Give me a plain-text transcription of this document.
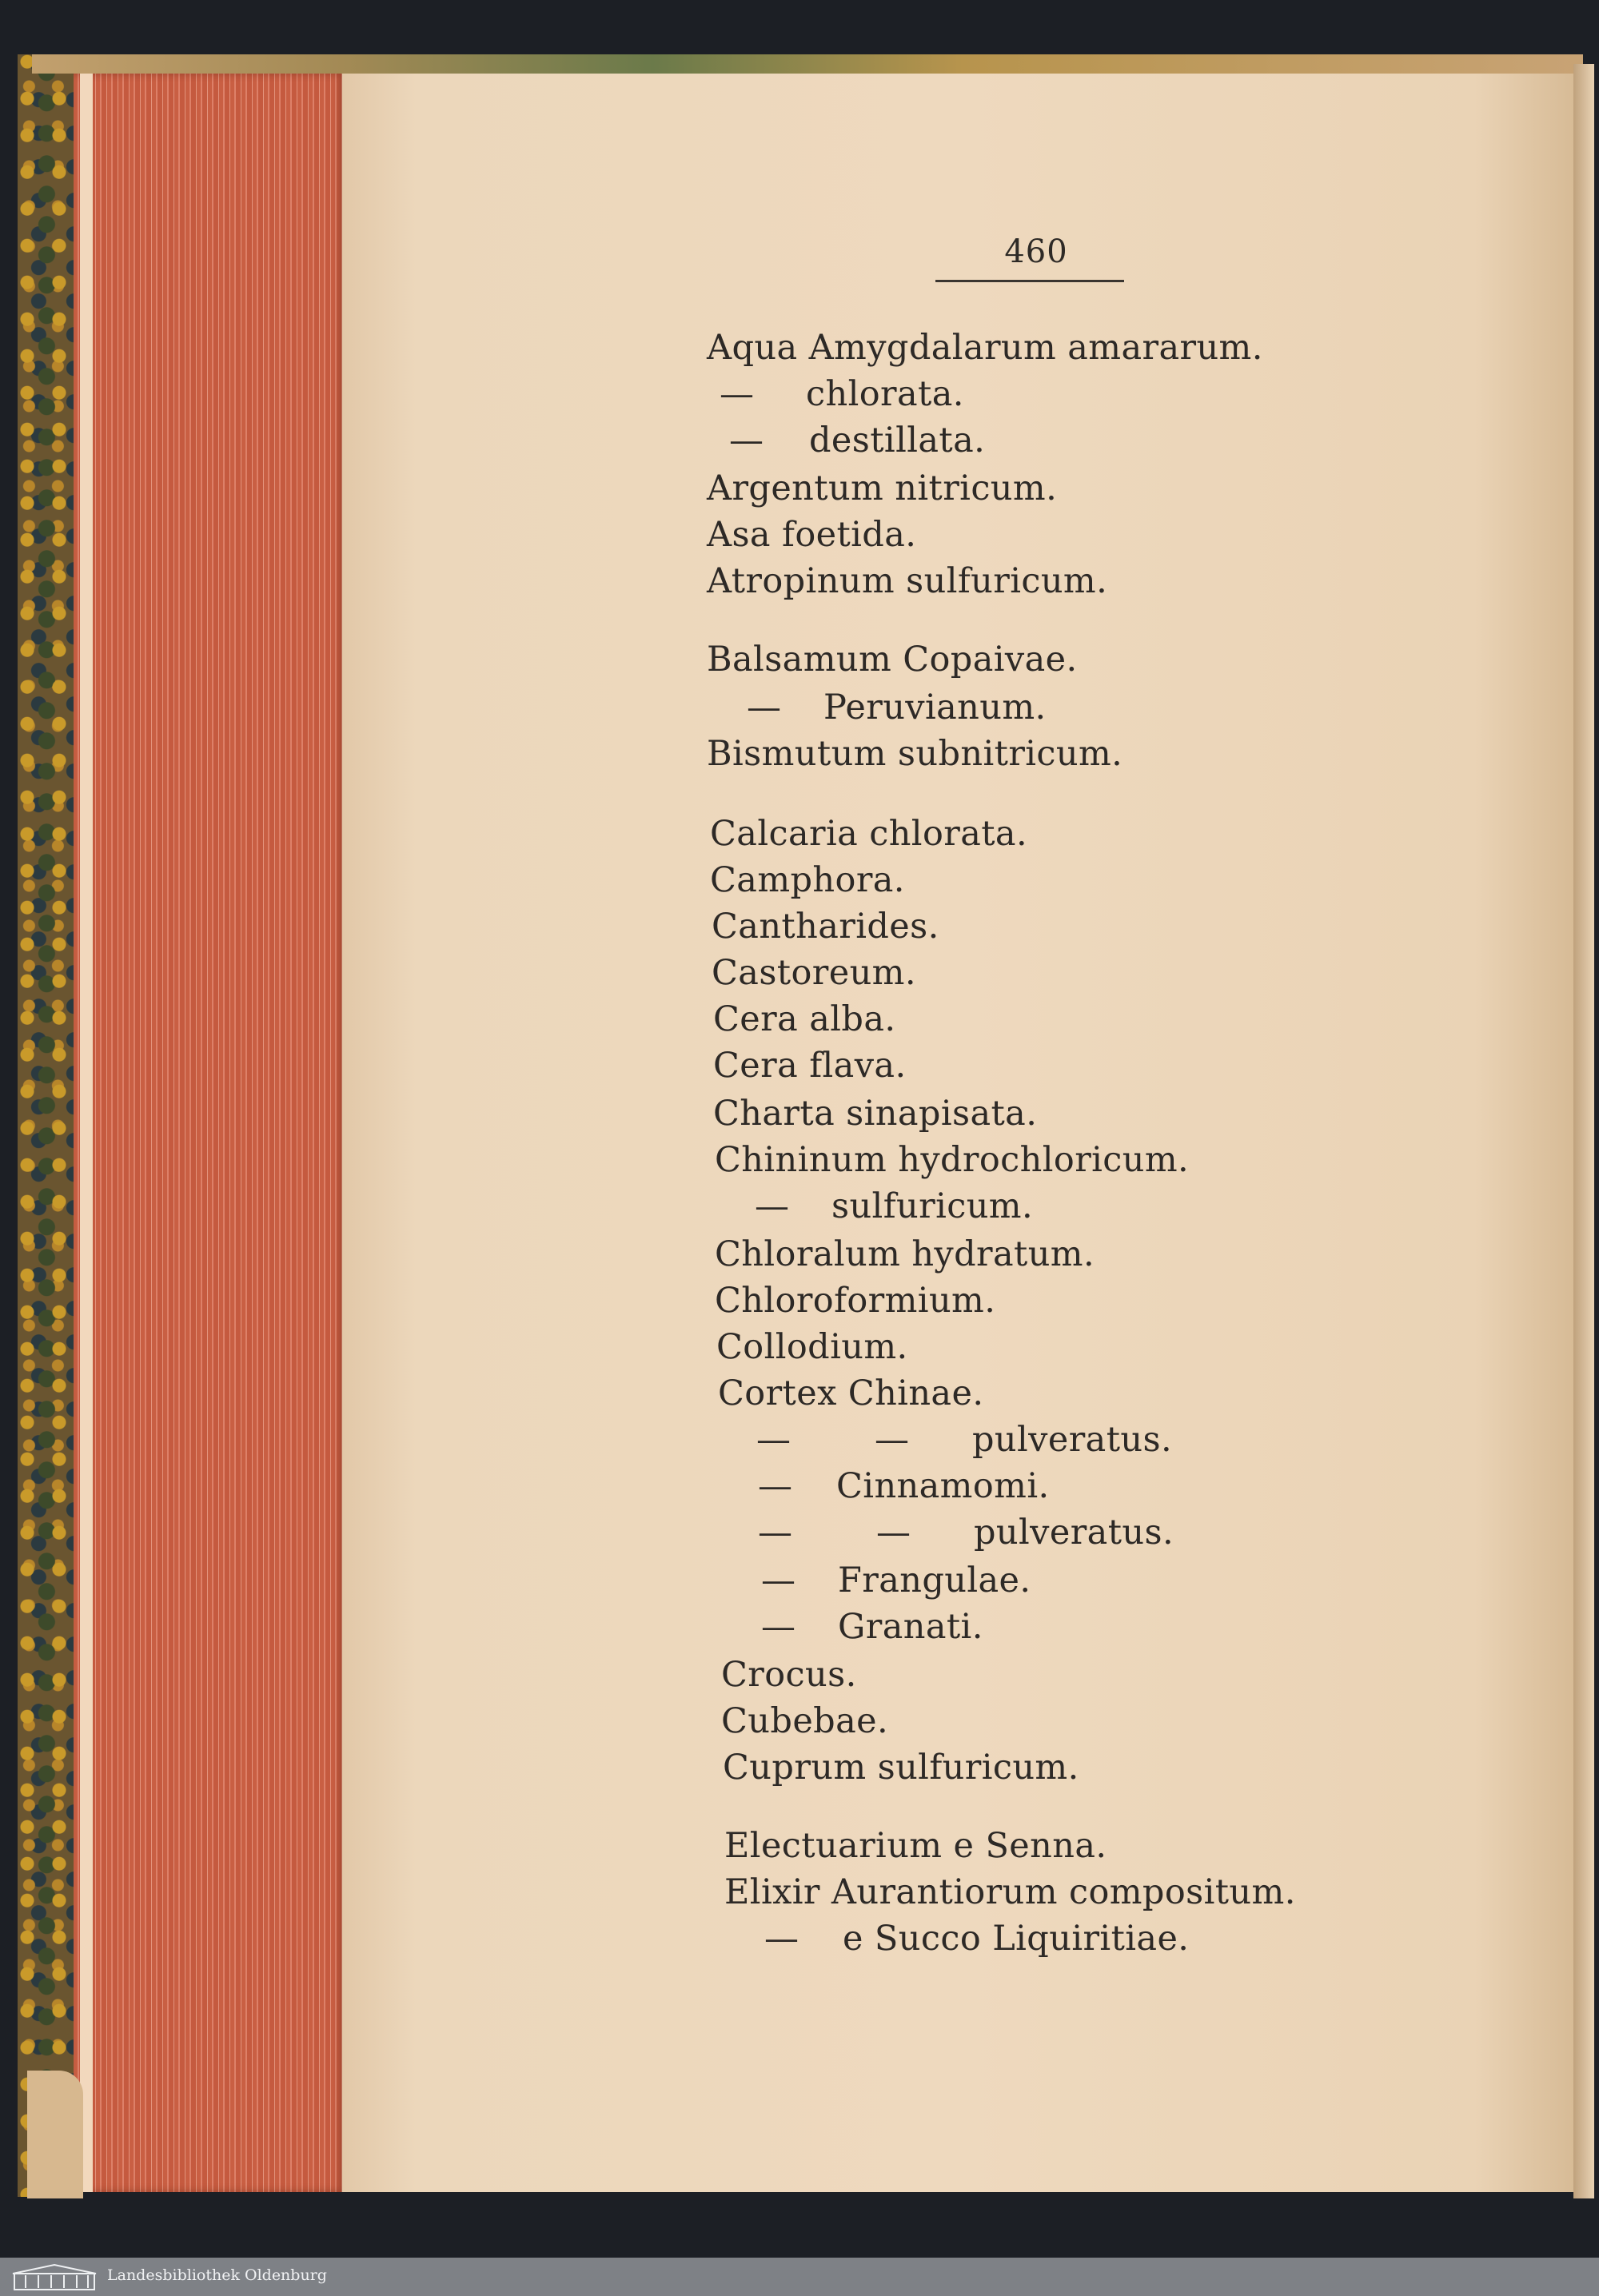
460
Aqua Amygdalarum amararum.
— chlorata.
— destillata.
Argentum nitricum.
Asa foetida.
Atropinum sulfuricum.
Balsamum Copaivae.
— Peruvianum.
Bismutum subnitricum.
Calcaria chlorata.
Camphora.
Cantharides.
Castoreum.
Cera alba.
Cera flava.
Charta sinapisata.
Chininum hydrochloricum.
— sulfuricum.
Chloralum hydratum.
Chloroformium.
Collodium.
Cortex Chinae.
— — pulveratus.
— Cinnamomi.
— — pulveratus.
— Frangulae.
— Granati.
Crocus.
Cubebae.
Cuprum sulfuricum.
Electuarium e Senna.
Elixir Aurantiorum compositum.
— e Succo Liquiritiae.
Landesbibliothek Oldenburg
